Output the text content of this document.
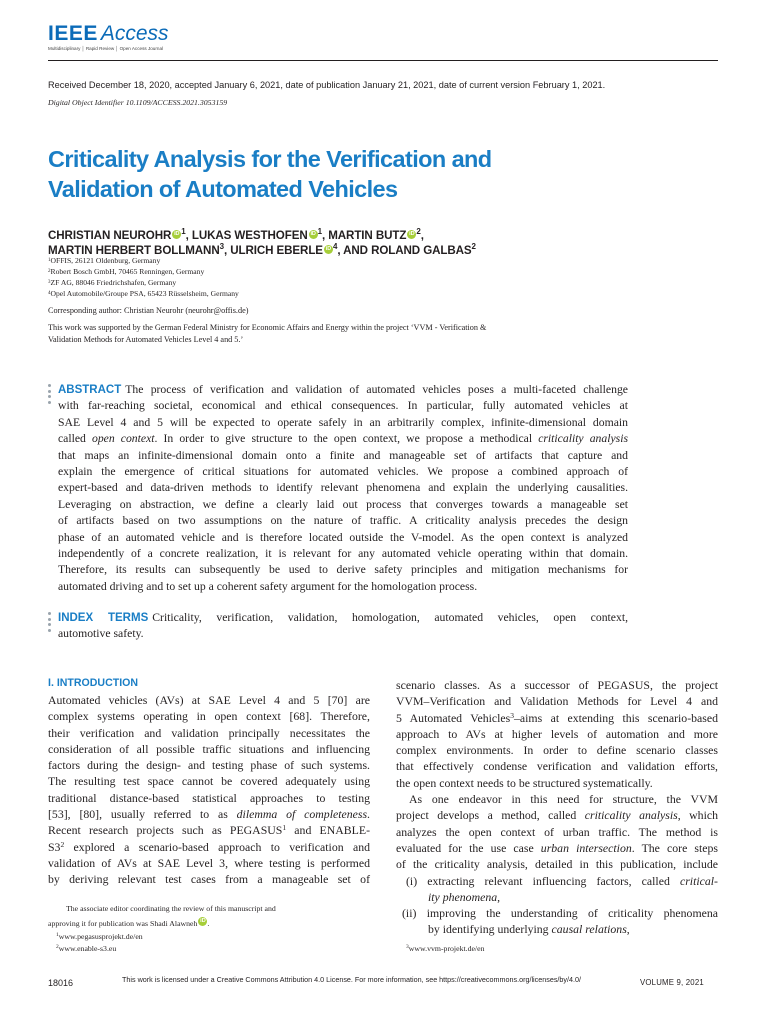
IEEE Access
Multidisciplinary │ Rapid Review │ Open Access Journal
Received December 18, 2020, accepted January 6, 2021, date of publication January 21, 2021, date of current version February 1, 2021.
Digital Object Identifier 10.1109/ACCESS.2021.3053159
Criticality Analysis for the Verification and
Validation of Automated Vehicles
CHRISTIAN NEUROHR iD $^1$, LUKAS WESTHOFEN iD $^1$, MARTIN BUTZ iD $^2$,
MARTIN HERBERT BOLLMANN$^3$, ULRICH EBERLE iD $^4$, AND ROLAND GALBAS$^2$
$^1$OFFIS, 26121 Oldenburg, Germany
$^2$Robert Bosch GmbH, 70465 Renningen, Germany
$^3$ZF AG, 88046 Friedrichshafen, Germany
$^4$Opel Automobile/Groupe PSA, 65423 Rüsselsheim, Germany
Corresponding author: Christian Neurohr (neurohr@offis.de)
This work was supported by the German Federal Ministry for Economic Affairs and Energy within the project ‘VVM - Verification &
Validation Methods for Automated Vehicles Level 4 and 5.’
ABSTRACT The process of verification and validation of automated vehicles poses a multi-faceted challenge
with far-reaching societal, economical and ethical consequences. In particular, fully automated vehicles at
SAE Level 4 and 5 will be expected to operate safely in an arbitrarily complex, infinite-dimensional domain
called open context. In order to give structure to the open context, we propose a methodical criticality analysis
that maps an infinite-dimensional domain onto a finite and manageable set of artifacts that capture and
explain the emergence of critical situations for automated vehicles. We propose a combined approach of
expert-based and data-driven methods to identify relevant phenomena and explain the underlying causalities.
Leveraging on abstraction, we define a clearly laid out process that converges towards a manageable set
of artifacts based on two assumptions on the nature of traffic. A criticality analysis precedes the design
phase of an automated vehicle and is therefore located outside the V-model. As the open context is analyzed
independently of a concrete realization, it is relevant for any automated vehicle operating within that domain.
Therefore, its results can subsequently be used to derive safety principles and mitigation mechanisms for
automated driving and to set up a coherent safety argument for the homologation process.
INDEX TERMS Criticality, verification, validation, homologation, automated vehicles, open context,
automotive safety.
I. INTRODUCTION
Automated vehicles (AVs) at SAE Level 4 and 5 [70] are
complex systems operating in open context [68]. Therefore,
their verification and validation principally necessitates the
consideration of all possible traffic situations and influencing
factors during the design- and testing phase of such systems.
The resulting test space cannot be covered adequately using
traditional distance-based statistical approaches to testing
[53], [80], usually referred to as dilemma of completeness.
Recent research projects such as PEGASUS$^1$ and ENABLE-
$S3^2$ explored a scenario-based approach to verification and
validation of AVs at SAE Level 3, where testing is performed
by deriving relevant test cases from a manageable set of
scenario classes. As a successor of PEGASUS, the project
VVM–Verification and Validation Methods for Level 4 and
5 Automated Vehicles$^3$–aims at extending this scenario-based
approach to AVs at higher levels of automation and more
complex environments. In order to define scenario classes
that effectively condense verification and validation efforts,
the open context needs to be structured systematically.
As one endeavor in this need for structure, the VVM
project develops a method, called criticality analysis, which
analyzes the open context of urban traffic. The method is
evaluated for the use case urban intersection. The core steps
of the criticality analysis, detailed in this publication, include
(i) extracting relevant influencing factors, called critical-
ity phenomena,
(ii) improving the understanding of criticality phenomena
by identifying underlying causal relations,
The associate editor coordinating the review of this manuscript and
approving it for publication was Shadi Alawneh iD .
$^1$www.pegasusprojekt.de/en
$^2$www.enable-s3.eu	$^3$www.vvm-projekt.de/en
18016	This work is licensed under a Creative Commons Attribution 4.0 License. For more information, see https://creativecommons.org/licenses/by/4.0/	VOLUME 9, 2021
